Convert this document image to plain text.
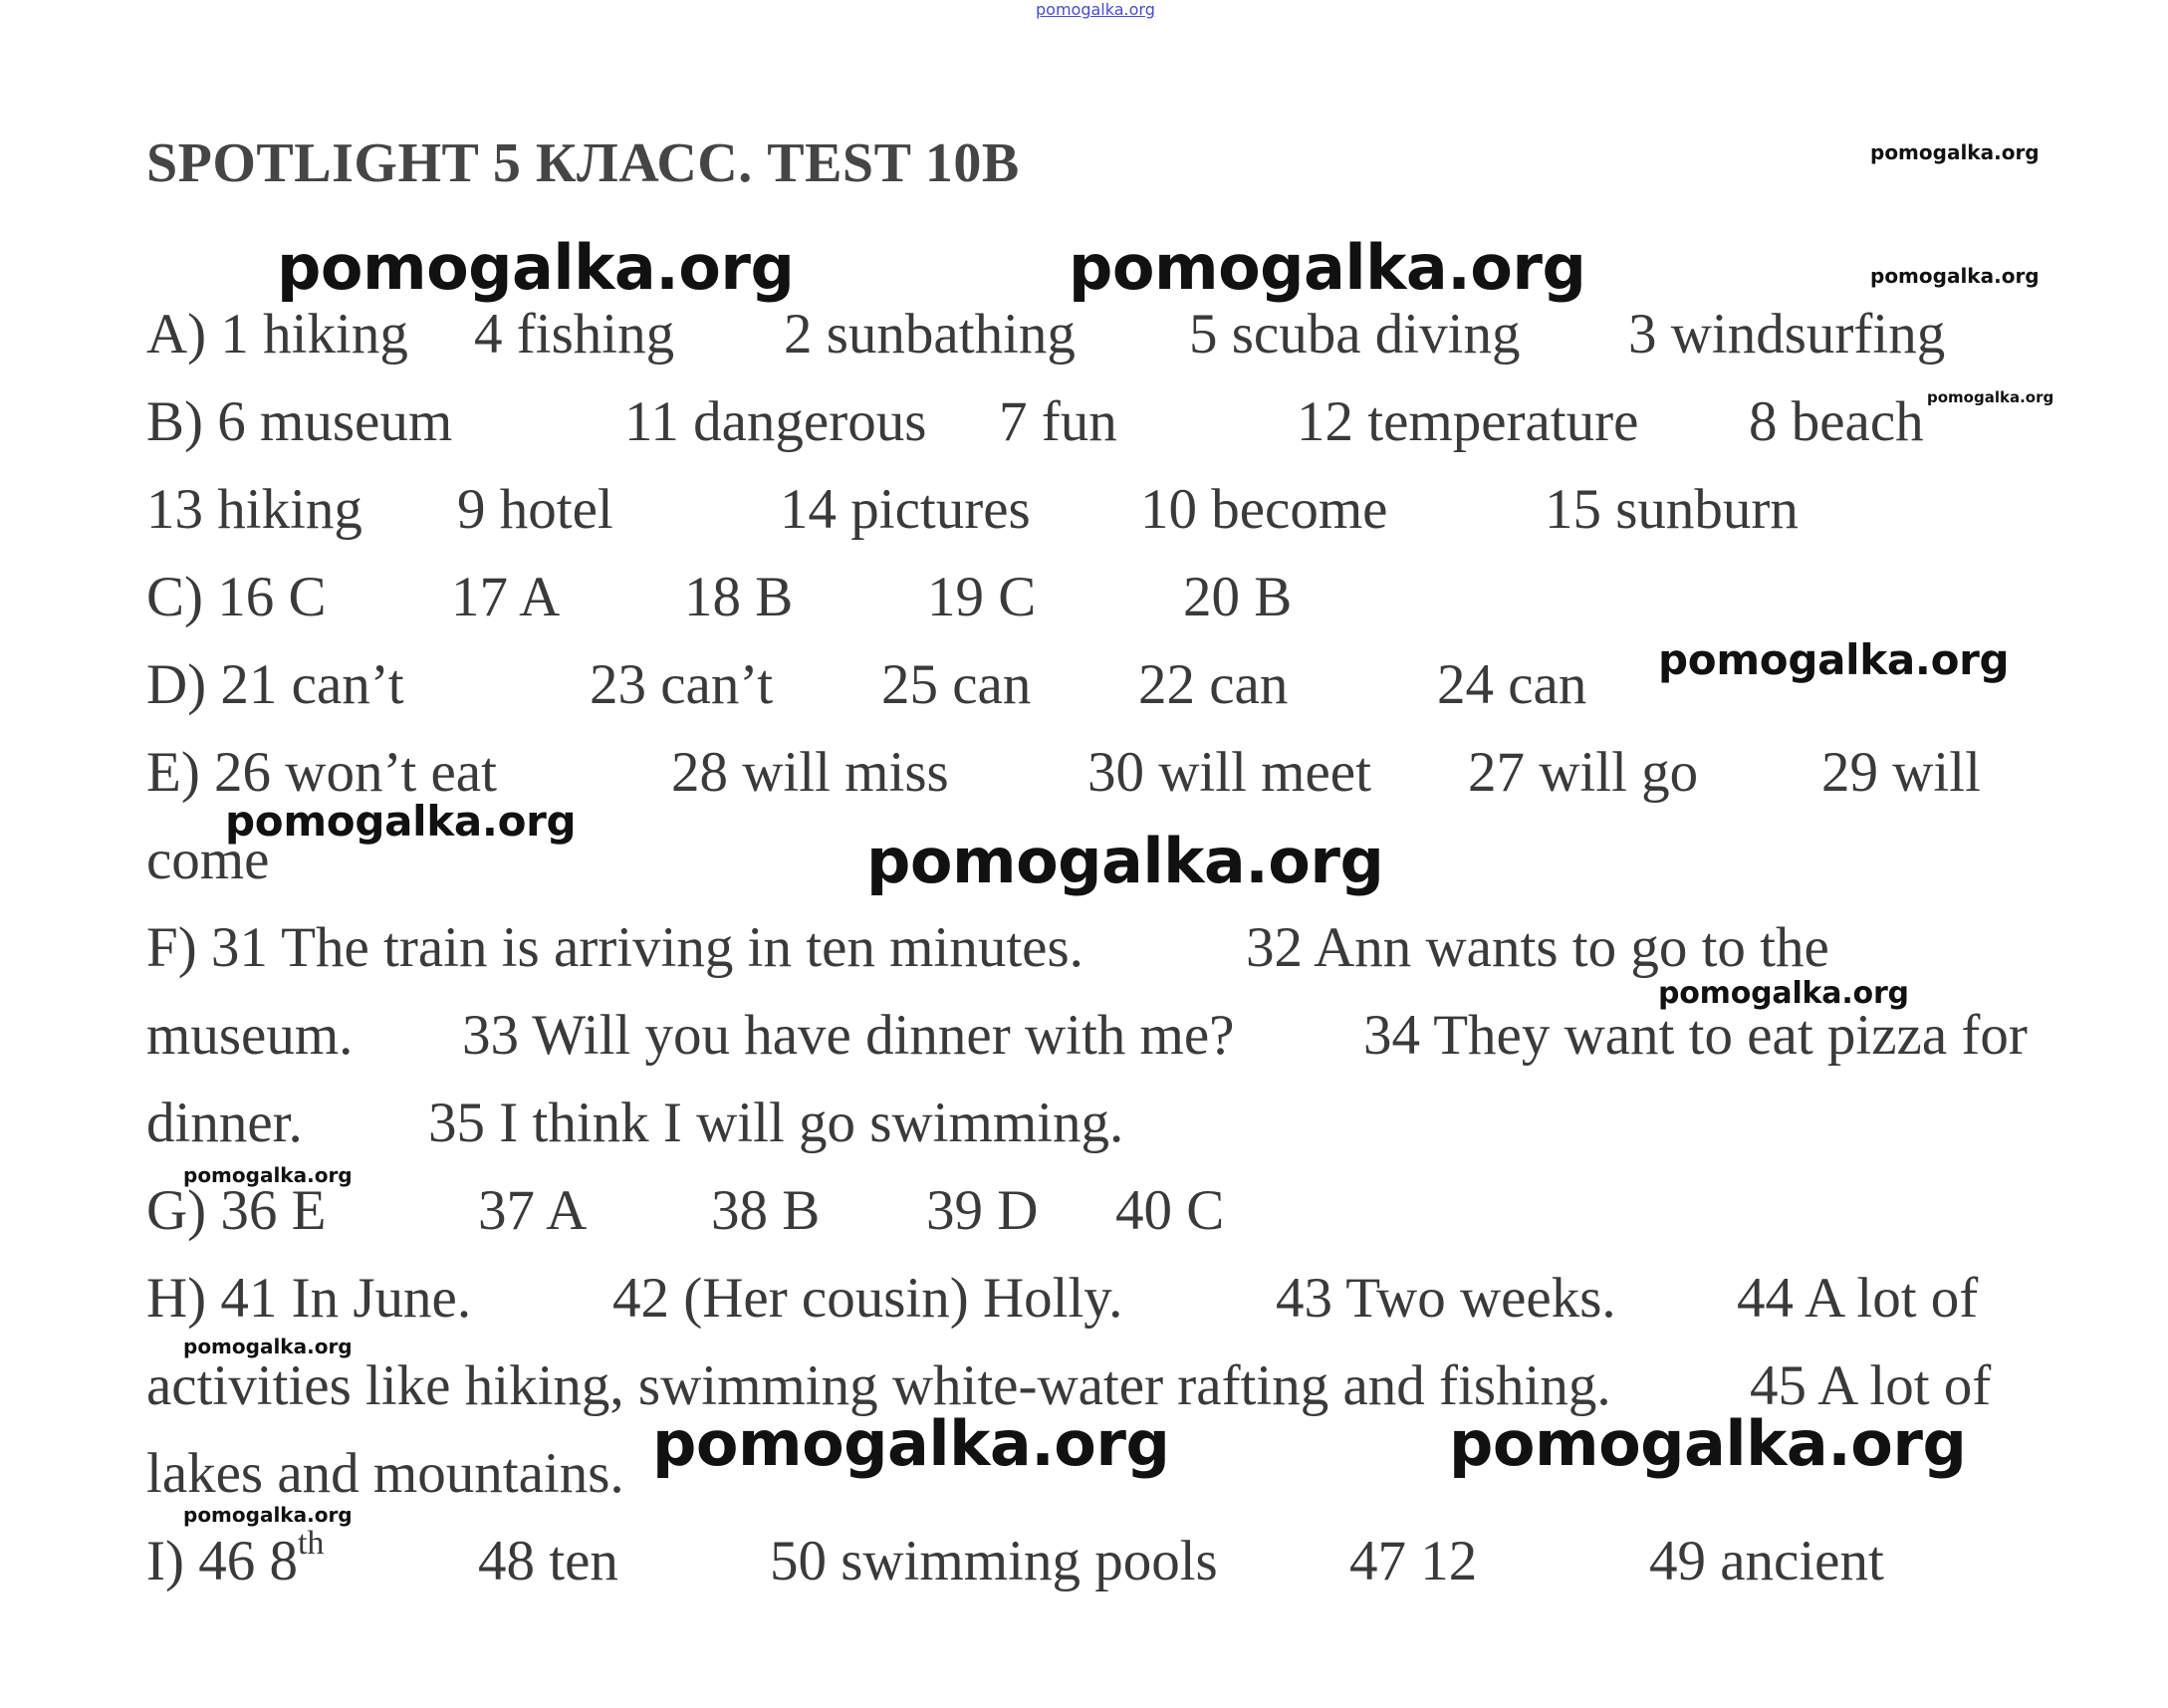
pomogalka.org
SPOTLIGHT 5 КЛАСС. TEST 10B
A) 1 hiking 4 fishing 2 sunbathing 5 scuba diving 3 windsurfing
B) 6 museum	11 dangerous 7 fun	12 temperature 8 beach
13 hiking 9 hotel	14 pictures 10 become	15 sunburn
C) 16 C 17 A 18 B 19 C	20 B
D) 21 can’t	23 can’t 25 can 22 can	24 can
E) 26 won’t eat	28 will miss 30 will meet 27 will go 29 will
come
F) 31 The train is arriving in ten minutes.	32 Ann wants to go to the
museum. 33 Will you have dinner with me? 34 They want to eat pizza for
dinner. 35 I think I will go swimming.
G) 36 E	37 A 38 B 39 D 40 C
H) 41 In June. 42 (Her cousin) Holly.	43 Two weeks. 44 A lot of
activities like hiking, swimming white-water rafting and fishing. 45 A lot of
lakes and mountains.
I) 46 8th	48 ten	50 swimming pools 47 12	49 ancient
pomogalka.org
pomogalka.org	pomogalka.org	pomogalka.org
pomogalka.org
pomogalka.org
pomogalka.org
pomogalka.org
pomogalka.org
pomogalka.org
pomogalka.org
pomogalka.org	pomogalka.org
pomogalka.org
